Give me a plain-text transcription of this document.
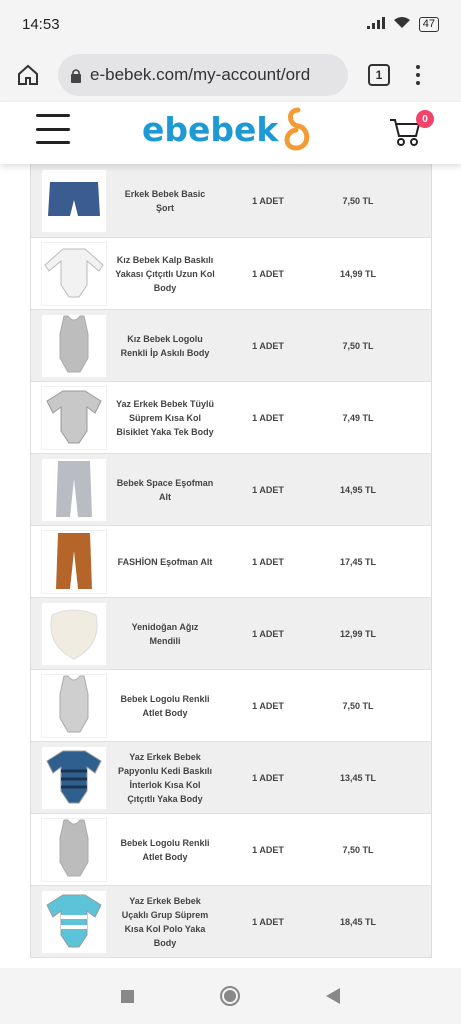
14:53	47
e-bebek.com/my-account/ord	1
ebebek	0
Erkek Bebek Basic Şort
1 ADET	7,50 TL
Kız Bebek Kalp Baskılı Yakası Çıtçıtlı Uzun Kol Body
1 ADET	14,99 TL
Kız Bebek Logolu Renkli İp Askılı Body
1 ADET	7,50 TL
Yaz Erkek Bebek Tüylü Süprem Kısa Kol Bisiklet Yaka Tek Body
1 ADET	7,49 TL
Bebek Space Eşofman Alt
1 ADET	14,95 TL
FASHİON Eşofman Alt	1 ADET	17,45 TL
Yenidoğan Ağız Mendili
1 ADET	12,99 TL
Bebek Logolu Renkli Atlet Body
1 ADET	7,50 TL
Yaz Erkek Bebek Papyonlu Kedi Baskılı İnterlok Kısa Kol Çıtçıtlı Yaka Body
1 ADET	13,45 TL
Bebek Logolu Renkli Atlet Body
1 ADET	7,50 TL
Yaz Erkek Bebek Uçaklı Grup Süprem Kısa Kol Polo Yaka Body
1 ADET	18,45 TL
